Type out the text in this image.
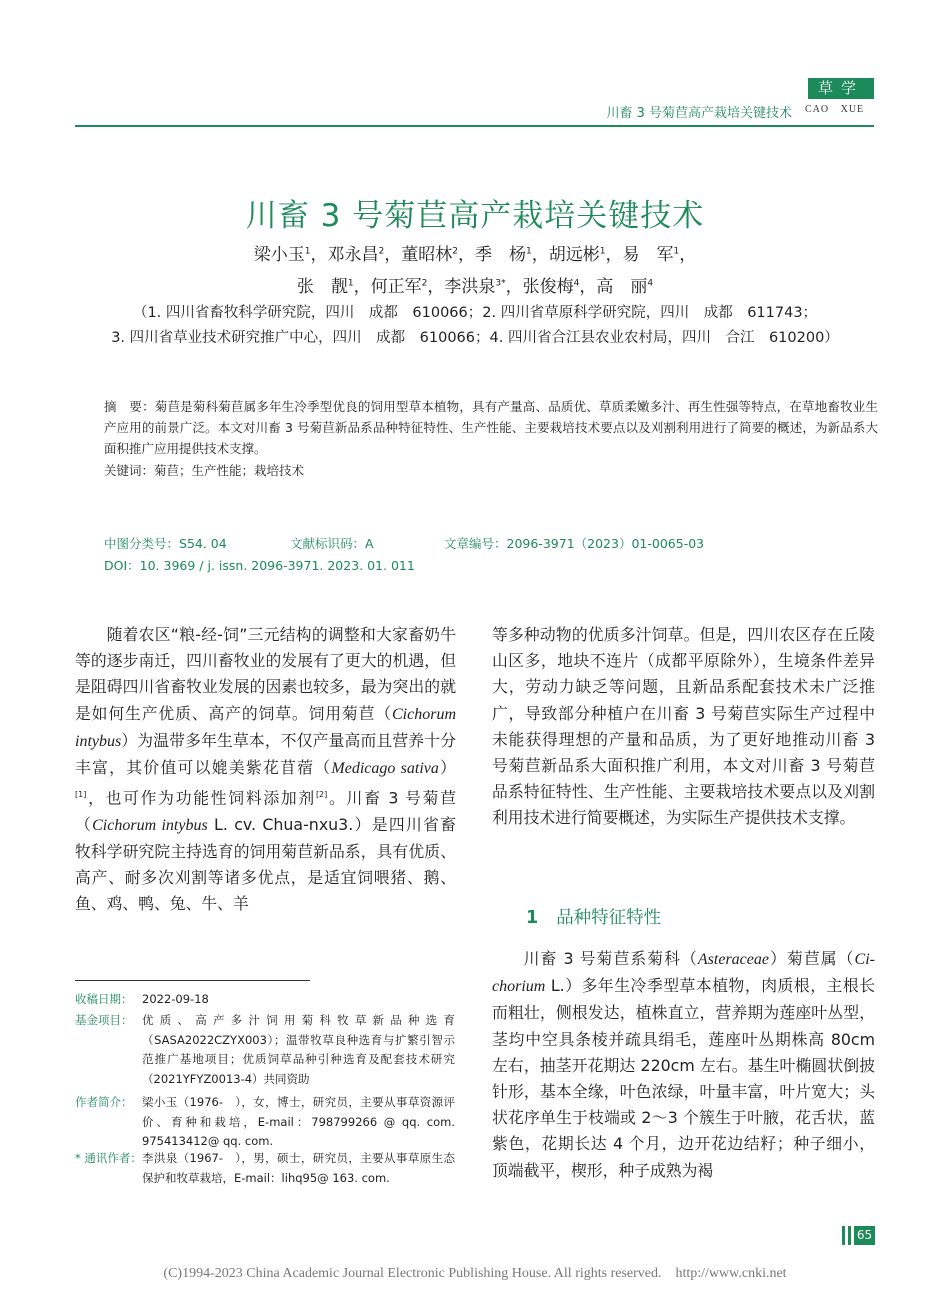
草学
川畜 3 号菊苣高产栽培关键技术 CAO XUE
川畜 3 号菊苣高产栽培关键技术
梁小玉$^1$，邓永昌$^2$，董昭林$^2$，季　杨$^1$，胡远彬$^1$，易　军$^1$，
张　靓$^1$，何正军$^2$，李洪泉$^{3*}$，张俊梅$^4$，高　丽$^4$
（1. 四川省畜牧科学研究院，四川　成都　610066；2. 四川省草原科学研究院，四川　成都　611743；
3. 四川省草业技术研究推广中心，四川　成都　610066；4. 四川省合江县农业农村局，四川　合江　610200）
摘　要：菊苣是菊科菊苣属多年生冷季型优良的饲用型草本植物，具有产量高、品质优、草质柔嫩多汁、再生性强等特点，在草地畜牧业生产应用的前景广泛。本文对川畜 3 号菊苣新品系品种特征特性、生产性能、主要栽培技术要点以及刈割利用进行了简要的概述，为新品系大面积推广应用提供技术支撑。
关键词：菊苣；生产性能；栽培技术
中图分类号：S54. 04	文献标识码：A	文章编号：2096-3971（2023）01-0065-03
DOI：10. 3969 / j. issn. 2096-3971. 2023. 01. 011

随着农区“粮-经-饲”三元结构的调整和大家畜奶牛等的逐步南迁，四川畜牧业的发展有了更大的机遇，但是阻碍四川省畜牧业发展的因素也较多，最为突出的就是如何生产优质、高产的饲草。饲用菊苣（Cichorum intybus）为温带多年生草本，不仅产量高而且营养十分丰富，其价值可以媲美紫花苜蓿（Medicago sativa）[1]，也可作为功能性饲料添加剂[2]。川畜 3 号菊苣（Cichorum intybus L. cv. Chua-nxu3.）是四川省畜牧科学研究院主持选育的饲用菊苣新品系，具有优质、高产、耐多次刈割等诸多优点，是适宜饲喂猪、鹅、鱼、鸡、鸭、兔、牛、羊

等多种动物的优质多汁饲草。但是，四川农区存在丘陵山区多，地块不连片（成都平原除外），生境条件差异大，劳动力缺乏等问题，且新品系配套技术未广泛推广，导致部分种植户在川畜 3 号菊苣实际生产过程中未能获得理想的产量和品质，为了更好地推动川畜 3 号菊苣新品系大面积推广利用，本文对川畜 3 号菊苣品系特征特性、生产性能、主要栽培技术要点以及刈割利用技术进行简要概述，为实际生产提供技术支撑。

1 品种特征特性

川畜 3 号菊苣系菊科（Asteraceae）菊苣属（Ci-chorium L.）多年生冷季型草本植物，肉质根，主根长而粗壮，侧根发达，植株直立，营养期为莲座叶丛型，茎均中空具条棱并疏具绢毛，莲座叶丛期株高 80cm 左右，抽茎开花期达 220cm 左右。基生叶椭圆状倒披针形，基本全缘，叶色浓绿，叶量丰富，叶片宽大；头状花序单生于枝端或 2～3 个簇生于叶腋，花舌状，蓝紫色，花期长达 4 个月，边开花边结籽；种子细小，顶端截平，楔形，种子成熟为褐

收稿日期： 2022-09-18
基金项目： 优质、高产多汁饲用菊科牧草新品种选育（SASA2022CZYX003）；温带牧草良种选育与扩繁引智示范推广基地项目；优质饲草品种引种选育及配套技术研究（2021YFYZ0013-4）共同资助
作者简介： 梁小玉（1976-　），女，博士，研究员，主要从事草资源评价、育种和栽培，E-mail：798799266 @ qq. com. 975413412@ qq. com.
* 通讯作者： 李洪泉（1967-　），男，硕士，研究员，主要从事草原生态保护和牧草栽培，E-mail：lihq95@ 163. com.
65
(C)1994-2023 China Academic Journal Electronic Publishing House. All rights reserved.    http://www.cnki.net
